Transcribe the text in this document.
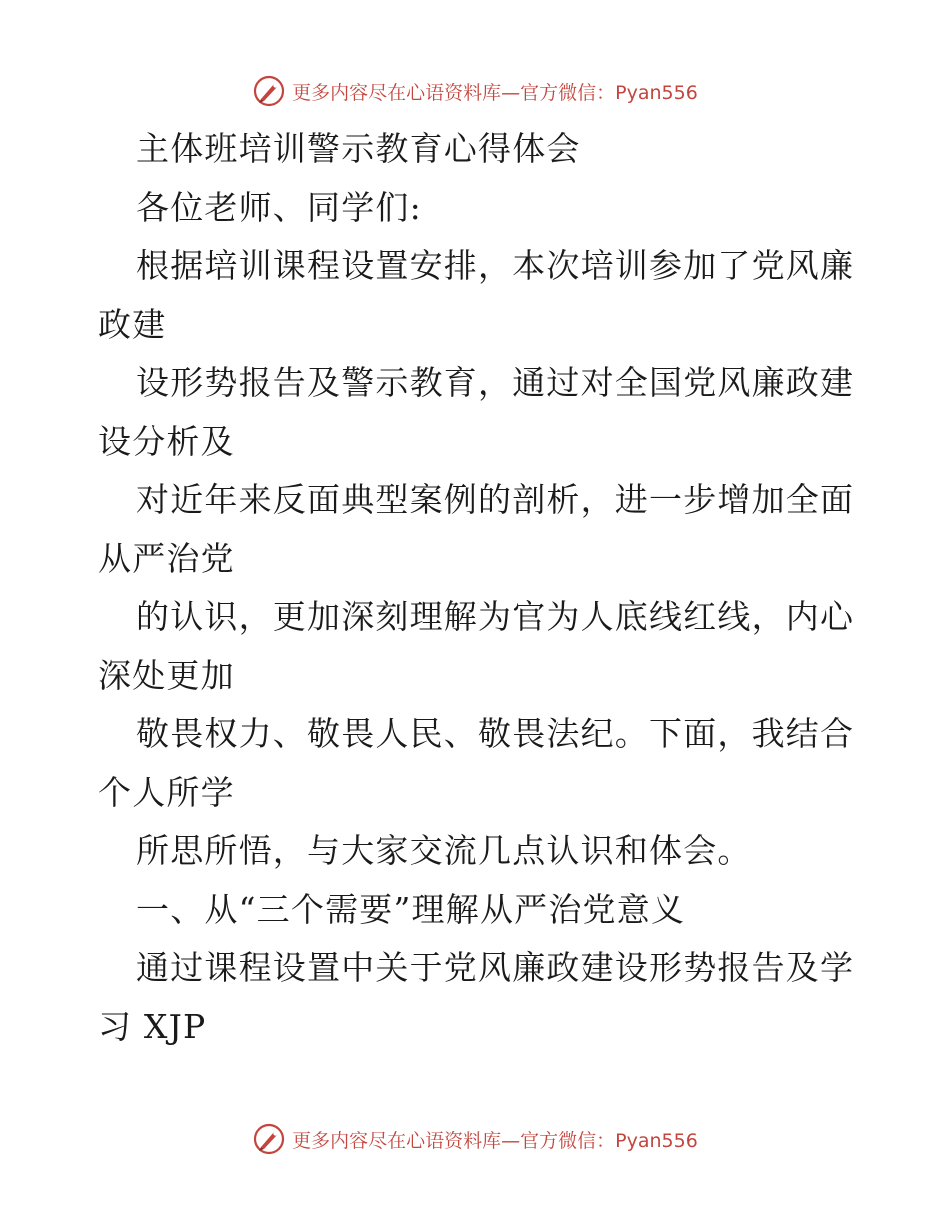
更多内容尽在心语资料库—官方微信：Pyan556
主体班培训警示教育心得体会
各位老师、同学们:
根据培训课程设置安排，本次培训参加了党风廉
政建
设形势报告及警示教育，通过对全国党风廉政建
设分析及
对近年来反面典型案例的剖析，进一步增加全面
从严治党
的认识，更加深刻理解为官为人底线红线，内心
深处更加
敬畏权力、敬畏人民、敬畏法纪。下面，我结合
个人所学
所思所悟，与大家交流几点认识和体会。
一、从“三个需要”理解从严治党意义
通过课程设置中关于党风廉政建设形势报告及学
习 XJP
更多内容尽在心语资料库—官方微信：Pyan556
